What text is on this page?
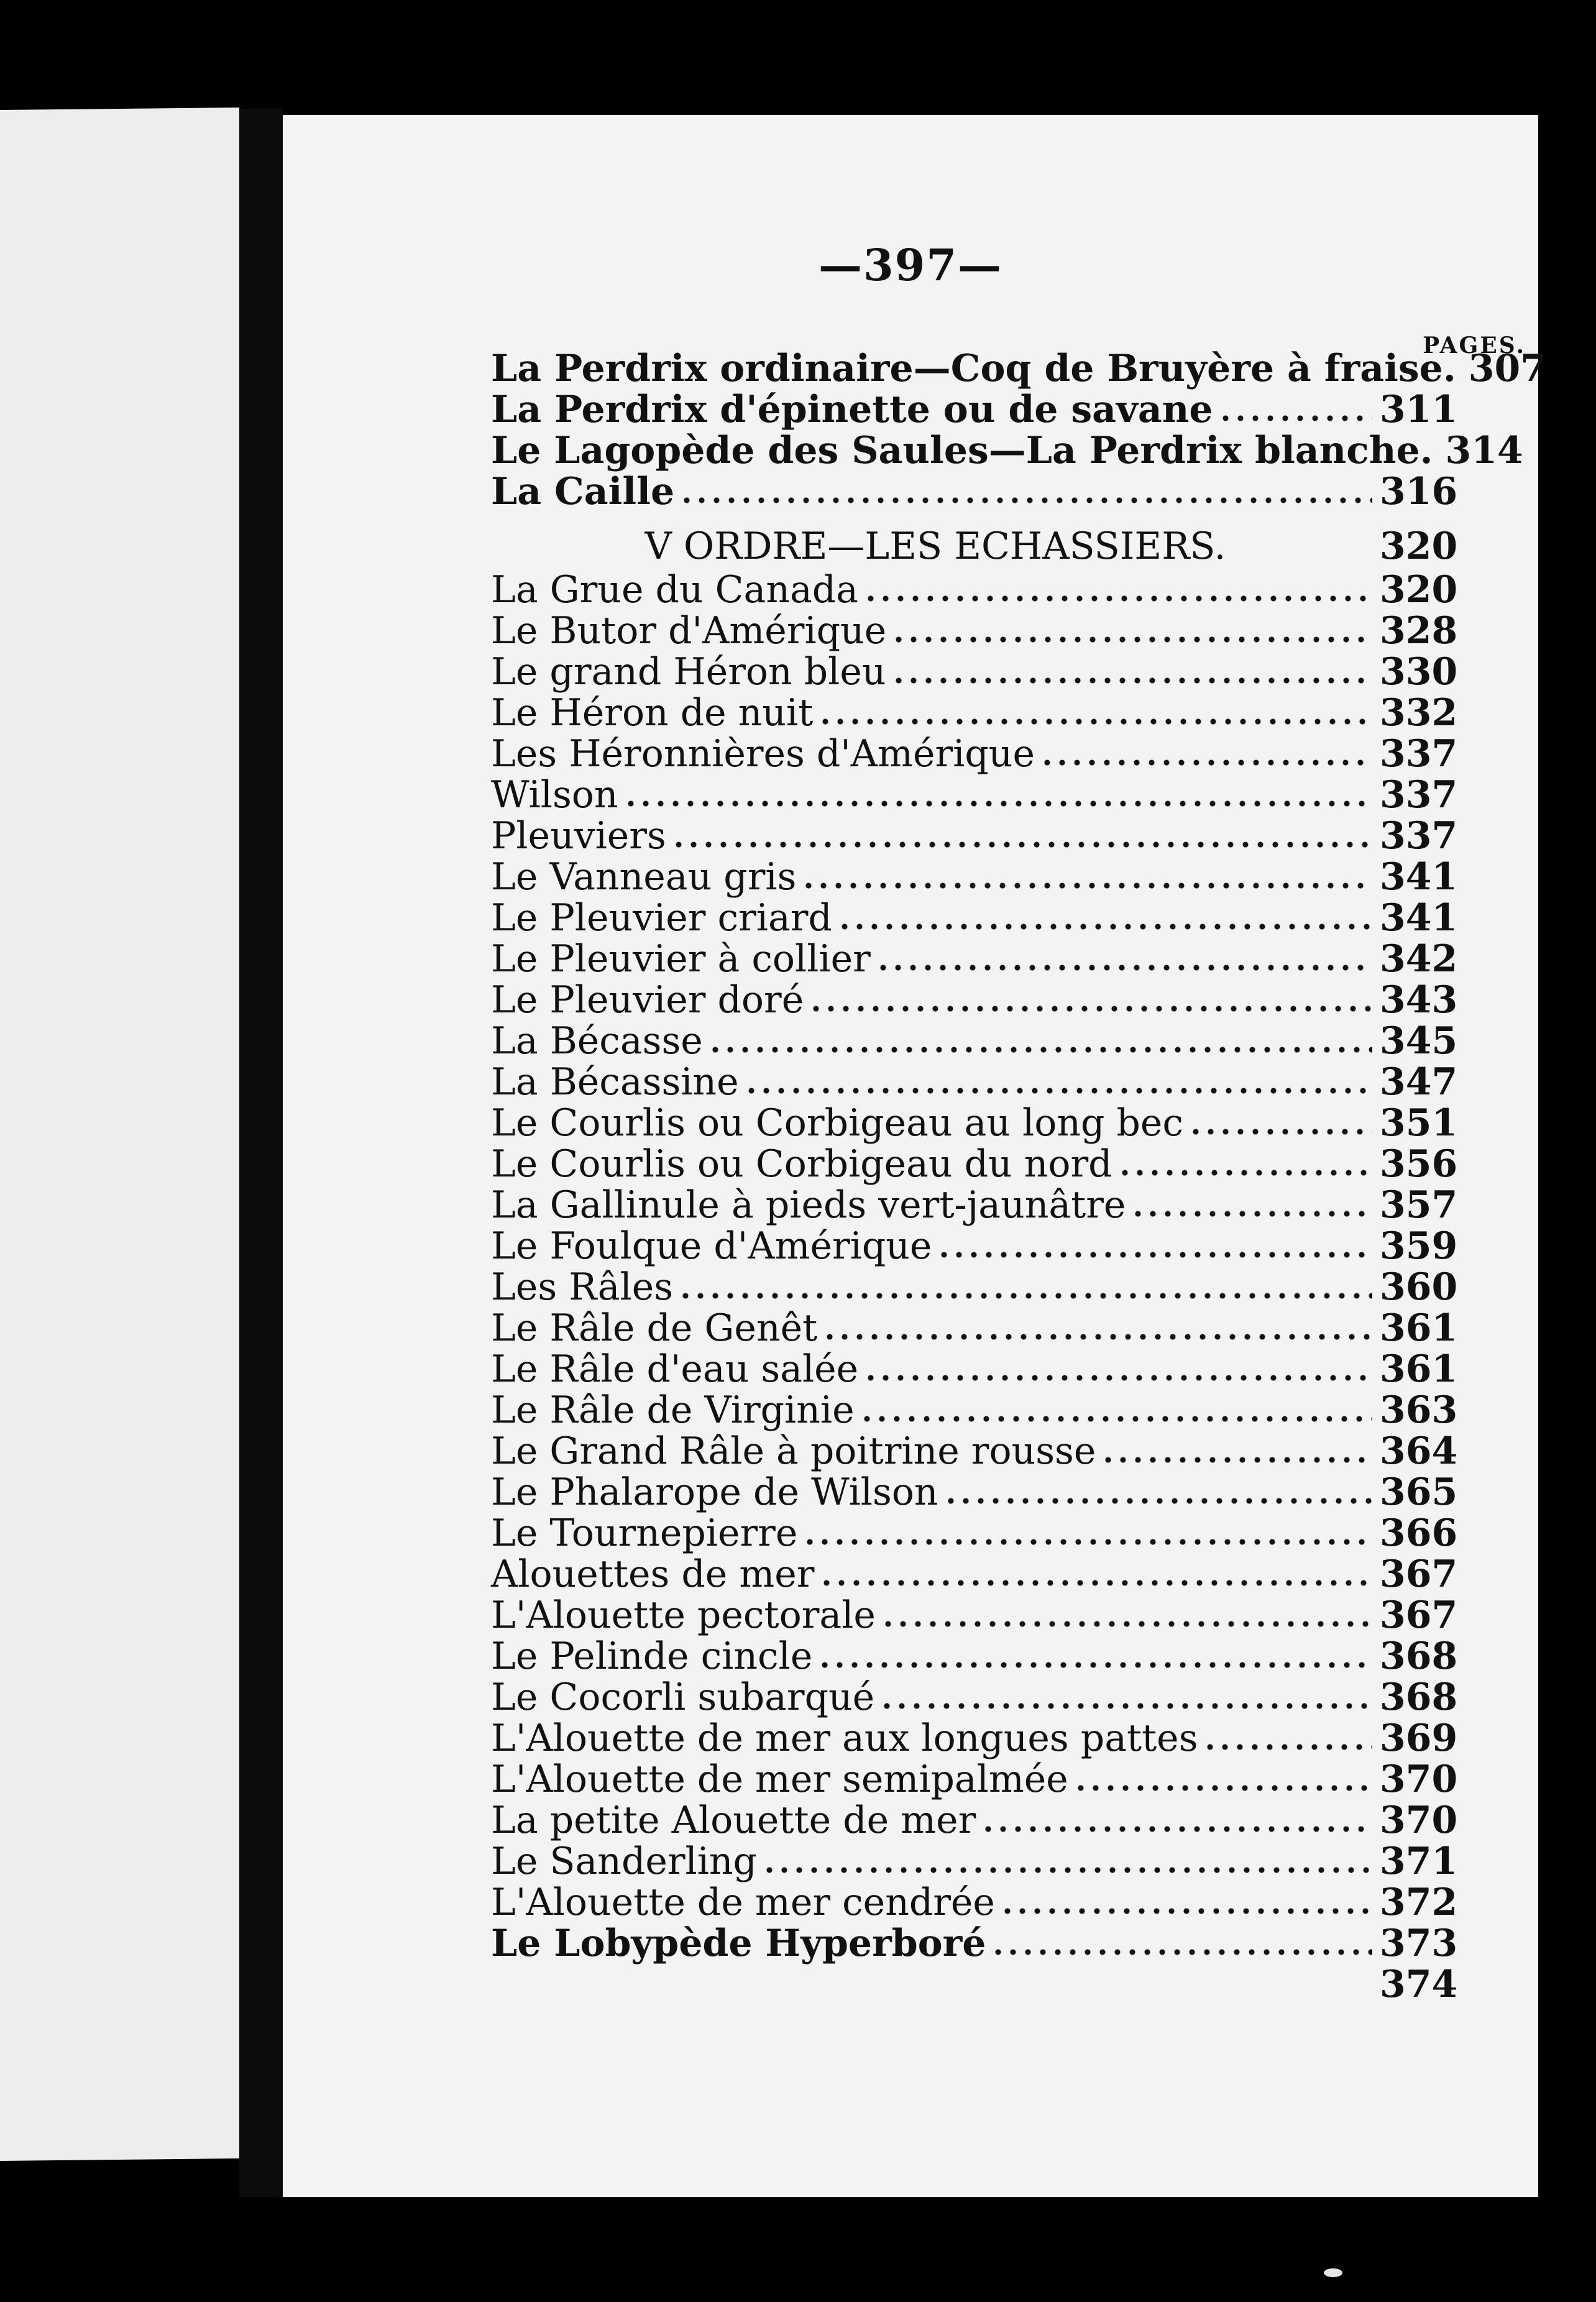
—397—
PAGES.
La Perdrix ordinaire—Coq de Bruyère à fraise. 307
La Perdrix d'épinette ou de savane	311
Le Lagopède des Saules—La Perdrix blanche. 314
La Caille	316
V ORDRE—LES ECHASSIERS.	320
La Grue du Canada	320
Le Butor d'Amérique	328
Le grand Héron bleu	330
Le Héron de nuit	332
Les Héronnières d'Amérique	337
Wilson	337
Pleuviers	337
Le Vanneau gris	341
Le Pleuvier criard	341
Le Pleuvier à collier	342
Le Pleuvier doré	343
La Bécasse	345
La Bécassine	347
Le Courlis ou Corbigeau au long bec	351
Le Courlis ou Corbigeau du nord	356
La Gallinule à pieds vert-jaunâtre	357
Le Foulque d'Amérique	359
Les Râles	360
Le Râle de Genêt	361
Le Râle d'eau salée	361
Le Râle de Virginie	363
Le Grand Râle à poitrine rousse	364
Le Phalarope de Wilson	365
Le Tournepierre	366
Alouettes de mer	367
L'Alouette pectorale	367
Le Pelinde cincle	368
Le Cocorli subarqué	368
L'Alouette de mer aux longues pattes	369
L'Alouette de mer semipalmée	370
La petite Alouette de mer	370
Le Sanderling	371
L'Alouette de mer cendrée	372
Le Lobypède Hyperboré	373
374
